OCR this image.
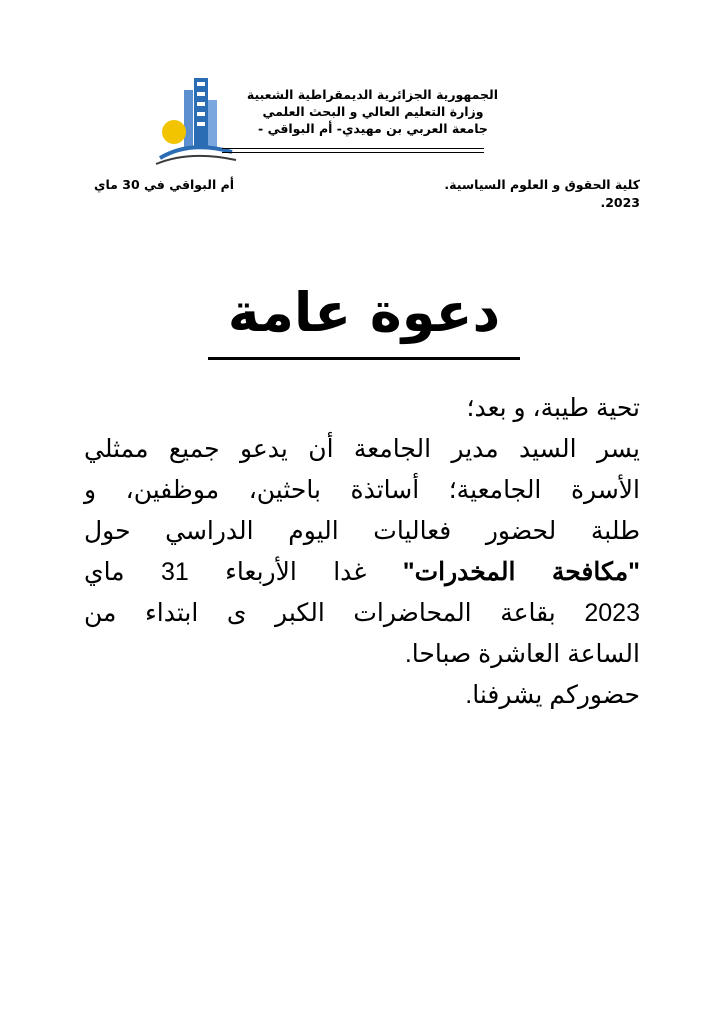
الجمهورية الجزائرية الديمقراطية الشعبية
وزارة التعليم العالي و البحث العلمي
جامعة العربي بن مهيدي- أم البواقي -
كلية الحقوق و العلوم السياسية.
2023.
أم البواقي في 30 ماي
دعوة عامة
تحية طيبة، و بعد؛
يسر السيد مدير الجامعة أن يدعو جميع ممثلي
الأسرة الجامعية؛ أساتذة باحثين، موظفين، و
طلبة لحضور فعاليات اليوم الدراسي حول
"مكافحة المخدرات" غدا الأربعاء 31 ماي
2023 بقاعة المحاضرات الكبر ى ابتداء من
الساعة العاشرة صباحا.
حضوركم يشرفنا.
